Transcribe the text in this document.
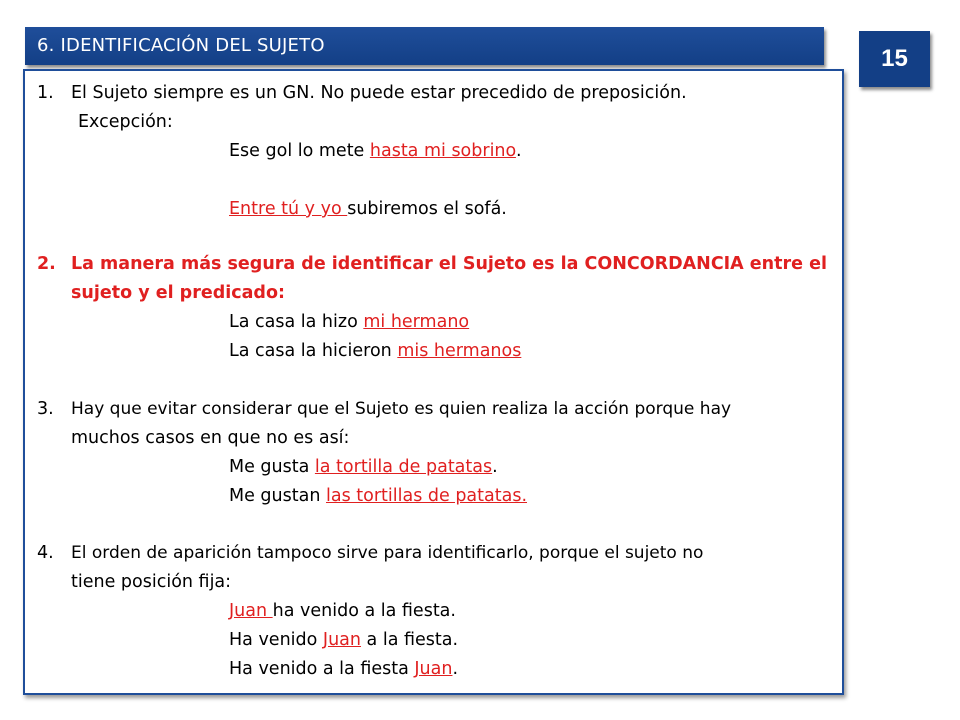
6. IDENTIFICACIÓN DEL SUJETO	15
1. El Sujeto siempre es un GN. No puede estar precedido de preposición.
Excepción:
Ese gol lo mete hasta mi sobrino.
Entre tú y yo subiremos el sofá.
2. La manera más segura de identificar el Sujeto es la CONCORDANCIA entre el
sujeto y el predicado:
La casa la hizo mi hermano
La casa la hicieron mis hermanos
3. Hay que evitar considerar que el Sujeto es quien realiza la acción porque hay
muchos casos en que no es así:
Me gusta la tortilla de patatas.
Me gustan las tortillas de patatas.
4. El orden de aparición tampoco sirve para identificarlo, porque el sujeto no
tiene posición fija:
Juan ha venido a la fiesta.
Ha venido Juan a la fiesta.
Ha venido a la fiesta Juan.
